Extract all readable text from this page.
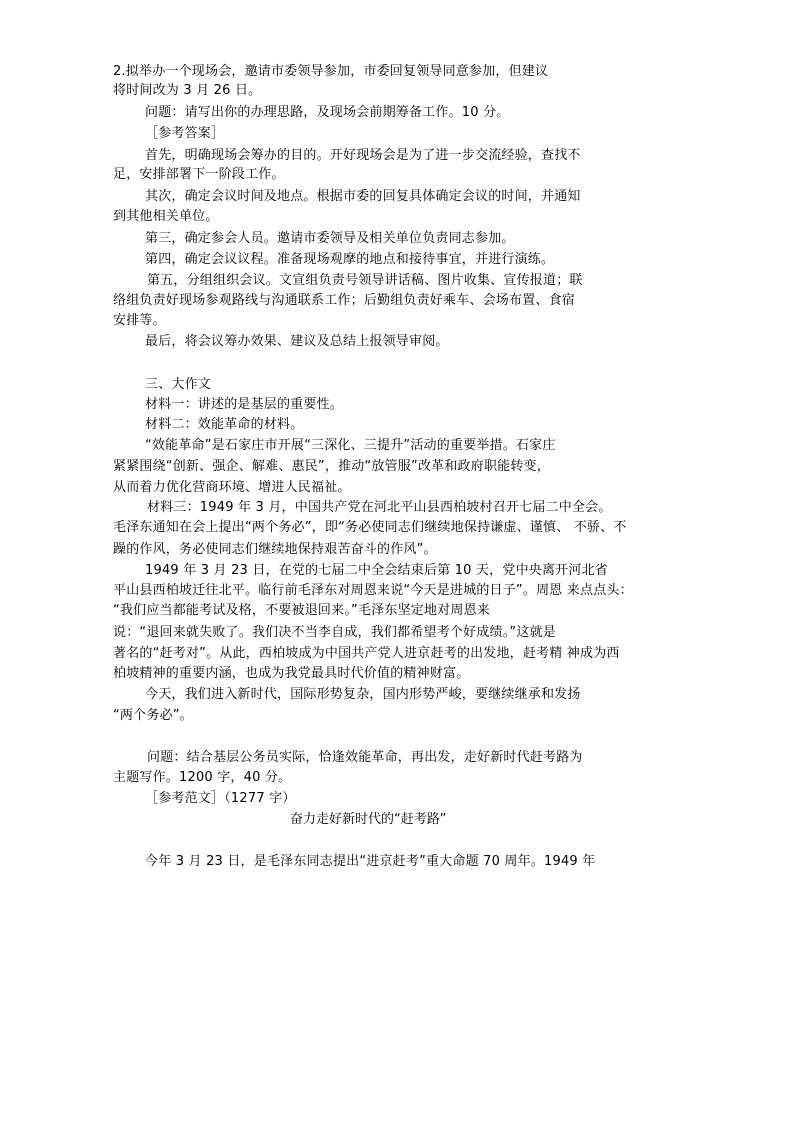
2.拟举办一个现场会，邀请市委领导参加，市委回复领导同意参加，但建议
将时间改为 3 月 26 日。
问题：请写出你的办理思路，及现场会前期筹备工作。10 分。
［参考答案］
首先，明确现场会筹办的目的。开好现场会是为了进一步交流经验，查找不
足，安排部署下一阶段工作。
其次，确定会议时间及地点。根据市委的回复具体确定会议的时间，并通知
到其他相关单位。
第三，确定参会人员。邀请市委领导及相关单位负责同志参加。
第四，确定会议议程。准备现场观摩的地点和接待事宜，并进行演练。
第五，分组组织会议。文宣组负责号领导讲话稿、图片收集、宣传报道；联
络组负责好现场参观路线与沟通联系工作；后勤组负责好乘车、会场布置、食宿
安排等。
最后，将会议筹办效果、建议及总结上报领导审阅。
三、大作文
材料一：讲述的是基层的重要性。
材料二：效能革命的材料。
“效能革命”是石家庄市开展“三深化、三提升”活动的重要举措。石家庄
紧紧围绕“创新、强企、解难、惠民”，推动“放管服”改革和政府职能转变，
从而着力优化营商环境、增进人民福祉。
材料三：1949 年 3 月，中国共产党在河北平山县西柏坡村召开七届二中全会。
毛泽东通知在会上提出“两个务必”，即“务必使同志们继续地保持谦虚、谨慎、 不骄、不
躁的作风，务必使同志们继续地保持艰苦奋斗的作风”。
1949 年 3 月 23 日，在党的七届二中全会结束后第 10 天，党中央离开河北省
平山县西柏坡迁往北平。临行前毛泽东对周恩来说“今天是进城的日子”。周恩 来点点头：
“我们应当都能考试及格，不要被退回来。”毛泽东坚定地对周恩来
说：“退回来就失败了。我们决不当李自成，我们都希望考个好成绩。”这就是
著名的“赶考对”。从此，西柏坡成为中国共产党人进京赶考的出发地，赶考精 神成为西
柏坡精神的重要内涵，也成为我党最具时代价值的精神财富。
今天，我们进入新时代，国际形势复杂，国内形势严峻，要继续继承和发扬
“两个务必”。
问题：结合基层公务员实际，恰逢效能革命，再出发，走好新时代赶考路为
主题写作。1200 字，40 分。
［参考范文］（1277 字）
奋力走好新时代的“赶考路”
今年 3 月 23 日，是毛泽东同志提出“进京赶考”重大命题 70 周年。1949 年
